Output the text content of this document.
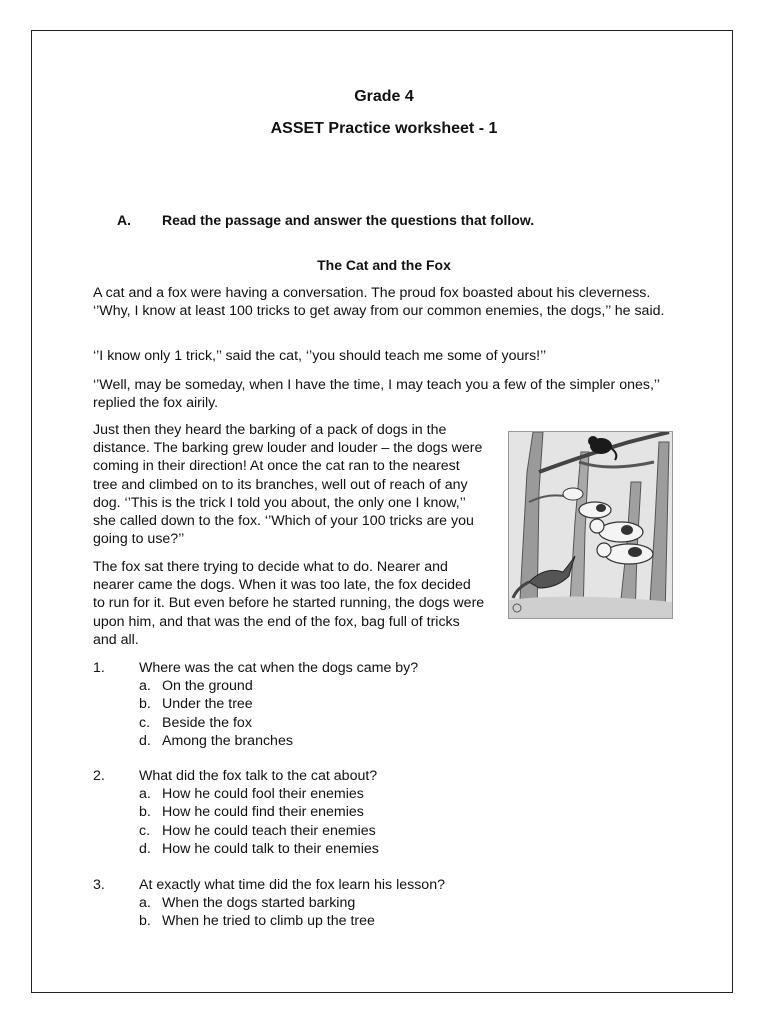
Grade 4
ASSET Practice worksheet - 1
A. Read the passage and answer the questions that follow.
The Cat and the Fox

A cat and a fox were having a conversation. The proud fox boasted about his cleverness. ‘’Why, I know at least 100 tricks to get away from our common enemies, the dogs,’’ he said.

‘’I know only 1 trick,’’ said the cat, ‘’you should teach me some of yours!’’

‘’Well, may be someday, when I have the time, I may teach you a few of the simpler ones,’’ replied the fox airily.

Just then they heard the barking of a pack of dogs in the distance. The barking grew louder and louder – the dogs were coming in their direction! At once the cat ran to the nearest tree and climbed on to its branches, well out of reach of any dog. ‘’This is the trick I told you about, the only one I know,’’ she called down to the fox. ‘’Which of your 100 tricks are you going to use?’’

The fox sat there trying to decide what to do. Nearer and nearer came the dogs. When it was too late, the fox decided to run for it. But even before he started running, the dogs were upon him, and that was the end of the fox, bag full of tricks and all.

1.	Where was the cat when the dogs came by?
a. On the ground
b. Under the tree
c. Beside the fox
d. Among the branches
2.	What did the fox talk to the cat about?
a. How he could fool their enemies
b. How he could find their enemies
c. How he could teach their enemies
d. How he could talk to their enemies
3.	At exactly what time did the fox learn his lesson?
a. When the dogs started barking
b. When he tried to climb up the tree
